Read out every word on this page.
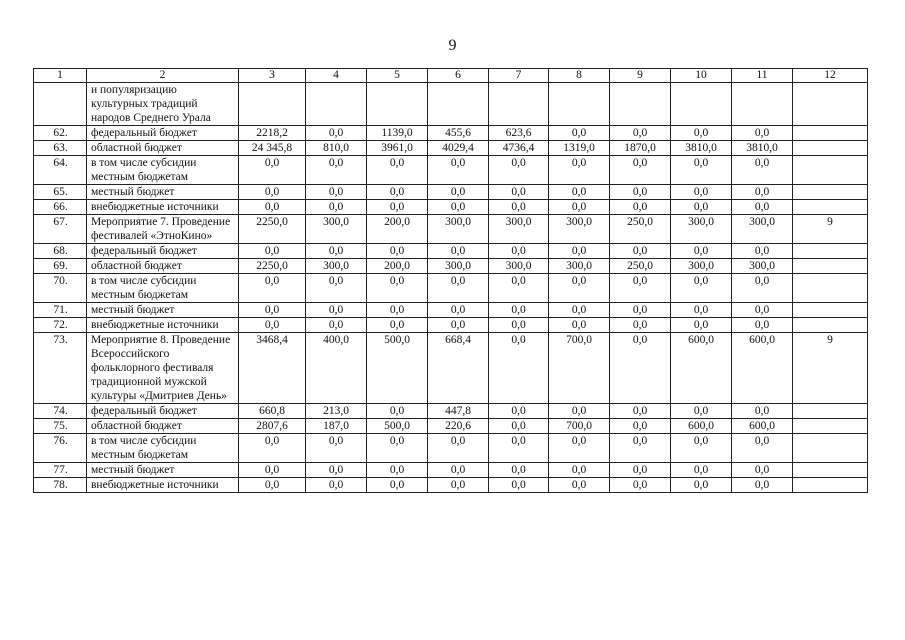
9
1	2	3	4	5	6	7	8	9	10	11	12
	и популяризацию культурных традиций народов Среднего Урала										
62.	федеральный бюджет	2218,2	0,0	1139,0	455,6	623,6	0,0	0,0	0,0	0,0	
63.	областной бюджет	24 345,8	810,0	3961,0	4029,4	4736,4	1319,0	1870,0	3810,0	3810,0	
64.	в том числе субсидии местным бюджетам	0,0	0,0	0,0	0,0	0,0	0,0	0,0	0,0	0,0	
65.	местный бюджет	0,0	0,0	0,0	0,0	0,0	0,0	0,0	0,0	0,0	
66.	внебюджетные источники	0,0	0,0	0,0	0,0	0,0	0,0	0,0	0,0	0,0	
67.	Мероприятие 7. Проведение фестивалей «ЭтноКино»	2250,0	300,0	200,0	300,0	300,0	300,0	250,0	300,0	300,0	9
68.	федеральный бюджет	0,0	0,0	0,0	0,0	0,0	0,0	0,0	0,0	0,0	
69.	областной бюджет	2250,0	300,0	200,0	300,0	300,0	300,0	250,0	300,0	300,0	
70.	в том числе субсидии местным бюджетам	0,0	0,0	0,0	0,0	0,0	0,0	0,0	0,0	0,0	
71.	местный бюджет	0,0	0,0	0,0	0,0	0,0	0,0	0,0	0,0	0,0	
72.	внебюджетные источники	0,0	0,0	0,0	0,0	0,0	0,0	0,0	0,0	0,0	
73.	Мероприятие 8. Проведение Всероссийского фольклорного фестиваля традиционной мужской культуры «Дмитриев День»	3468,4	400,0	500,0	668,4	0,0	700,0	0,0	600,0	600,0	9
74.	федеральный бюджет	660,8	213,0	0,0	447,8	0,0	0,0	0,0	0,0	0,0	
75.	областной бюджет	2807,6	187,0	500,0	220,6	0,0	700,0	0,0	600,0	600,0	
76.	в том числе субсидии местным бюджетам	0,0	0,0	0,0	0,0	0,0	0,0	0,0	0,0	0,0	
77.	местный бюджет	0,0	0,0	0,0	0,0	0,0	0,0	0,0	0,0	0,0	
78.	внебюджетные источники	0,0	0,0	0,0	0,0	0,0	0,0	0,0	0,0	0,0	
